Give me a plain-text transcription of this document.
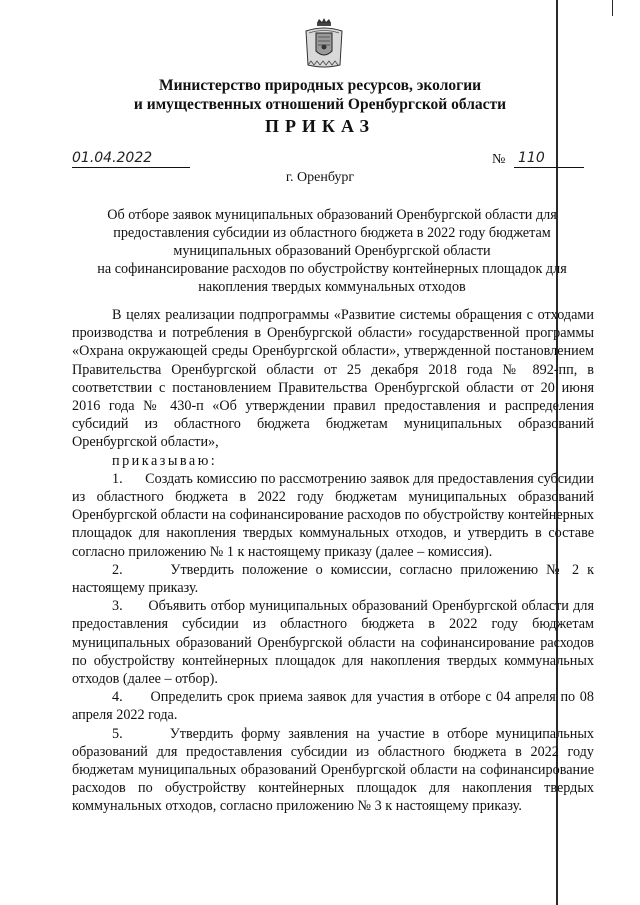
Министерство природных ресурсов, экологии
и имущественных отношений Оренбургской области
ПРИКАЗ
01.04.2022	№ 110
г. Оренбург
Об отборе заявок муниципальных образований Оренбургской области для
предоставления субсидии из областного бюджета в 2022 году бюджетам
муниципальных образований Оренбургской области
на софинансирование расходов по обустройству контейнерных площадок для
накопления твердых коммунальных отходов

В целях реализации подпрограммы «Развитие системы обращения с отходами производства и потребления в Оренбургской области» государственной программы «Охрана окружающей среды Оренбургской области», утвержденной постановлением Правительства Оренбургской области от 25 декабря 2018 года № 892-пп, в соответствии с постановлением Правительства Оренбургской области от 20 июня 2016 года № 430-п «Об утверждении правил предоставления и распределения субсидий из областного бюджета бюджетам муниципальных образований Оренбургской области»,

приказываю:

1.      Создать комиссию по рассмотрению заявок для предоставления субсидии из областного бюджета в 2022 году бюджетам муниципальных образований Оренбургской области на софинансирование расходов по обустройству контейнерных площадок для накопления твердых коммунальных отходов, и утвердить в составе согласно приложению № 1 к настоящему приказу (далее – комиссия).

2.      Утвердить положение о комиссии, согласно приложению № 2 к настоящему приказу.

3.      Объявить отбор муниципальных образований Оренбургской области для предоставления субсидии из областного бюджета в 2022 году бюджетам муниципальных образований Оренбургской области на софинансирование расходов по обустройству контейнерных площадок для накопления твердых коммунальных отходов (далее – отбор).

4.      Определить срок приема заявок для участия в отборе с 04 апреля по 08 апреля 2022 года.

5.      Утвердить форму заявления на участие в отборе муниципальных образований для предоставления субсидии из областного бюджета в 2022 году бюджетам муниципальных образований Оренбургской области на софинансирование расходов по обустройству контейнерных площадок для накопления твердых коммунальных отходов, согласно приложению № 3 к настоящему приказу.
